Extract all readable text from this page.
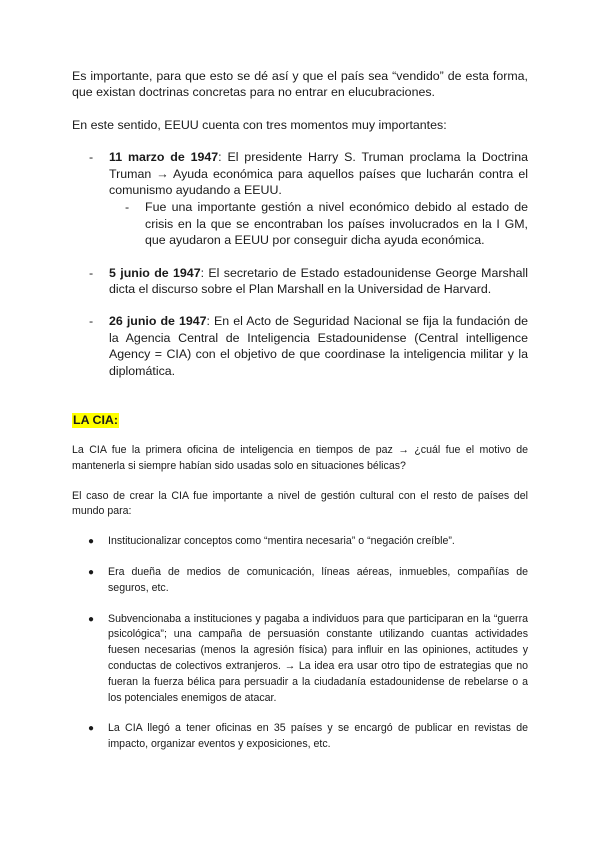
Es importante, para que esto se dé así y que el país sea “vendido” de esta forma, que existan doctrinas concretas para no entrar en elucubraciones.

En este sentido, EEUU cuenta con tres momentos muy importantes:

- 11 marzo de 1947: El presidente Harry S. Truman proclama la Doctrina Truman → Ayuda económica para aquellos países que lucharán contra el comunismo ayudando a EEUU.
- Fue una importante gestión a nivel económico debido al estado de crisis en la que se encontraban los países involucrados en la I GM, que ayudaron a EEUU por conseguir dicha ayuda económica.
- 5 junio de 1947: El secretario de Estado estadounidense George Marshall dicta el discurso sobre el Plan Marshall en la Universidad de Harvard.
- 26 junio de 1947: En el Acto de Seguridad Nacional se fija la fundación de la Agencia Central de Inteligencia Estadounidense (Central intelligence Agency = CIA) con el objetivo de que coordinase la inteligencia militar y la diplomática.
LA CIA:

La CIA fue la primera oficina de inteligencia en tiempos de paz → ¿cuál fue el motivo de mantenerla si siempre habían sido usadas solo en situaciones bélicas?

El caso de crear la CIA fue importante a nivel de gestión cultural con el resto de países del mundo para:

● Institucionalizar conceptos como “mentira necesaria” o “negación creíble”.
● Era dueña de medios de comunicación, líneas aéreas, inmuebles, compañías de seguros, etc.
● Subvencionaba a instituciones y pagaba a individuos para que participaran en la “guerra psicológica”; una campaña de persuasión constante utilizando cuantas actividades fuesen necesarias (menos la agresión física) para influir en las opiniones, actitudes y conductas de colectivos extranjeros. → La idea era usar otro tipo de estrategias que no fueran la fuerza bélica para persuadir a la ciudadanía estadounidense de rebelarse o a los potenciales enemigos de atacar.
● La CIA llegó a tener oficinas en 35 países y se encargó de publicar en revistas de impacto, organizar eventos y exposiciones, etc.
